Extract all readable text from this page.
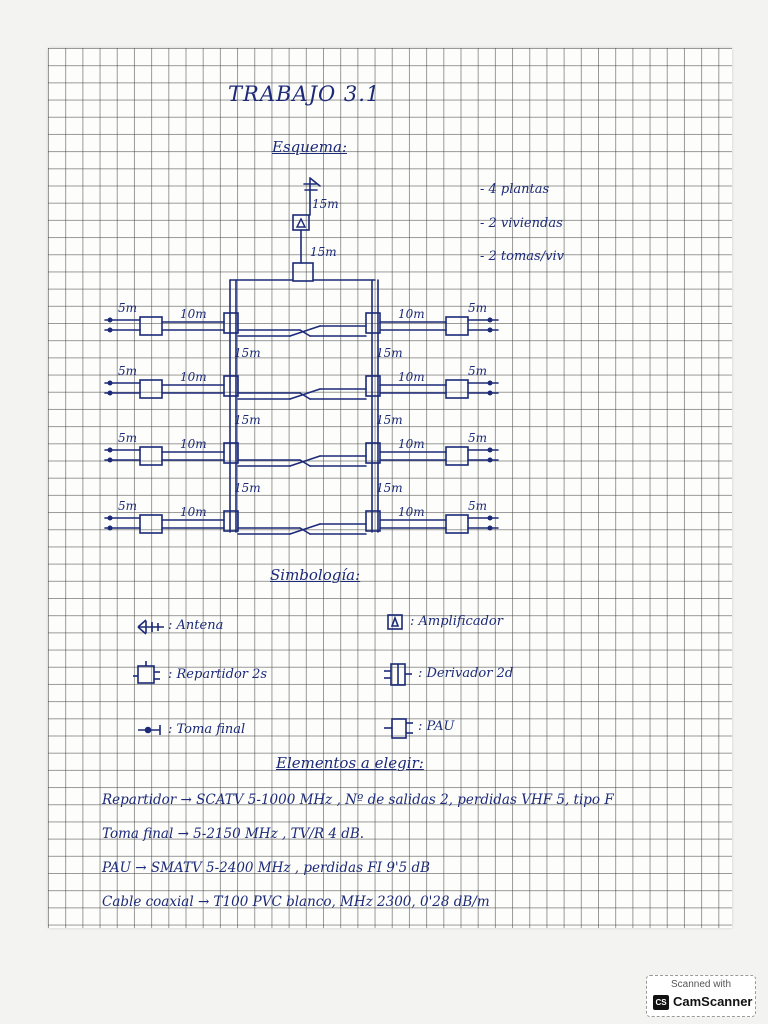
TRABAJO 3.1
Esquema:
- 4 plantas
- 2 viviendas
- 2 tomas/viv
15m
15m
5m	10m	5m
10m
5m	10m	5m
10m
15m	15m
5m	10m	5m
10m
15m	15m
5m	10m	5m
10m
15m	15m
Simbología:
: Antena	: Amplificador
: Repartidor 2s	: Derivador 2d
: Toma final	: PAU
Elementos a elegir:
Repartidor → SCATV 5-1000 MHz , Nº de salidas 2, perdidas VHF 5, tipo F
Toma final → 5-2150 MHz , TV/R 4 dB.
PAU → SMATV 5-2400 MHz , perdidas FI 9'5 dB
Cable coaxial → T100 PVC blanco, MHz 2300, 0'28 dB/m
Scanned with
CS CamScanner
